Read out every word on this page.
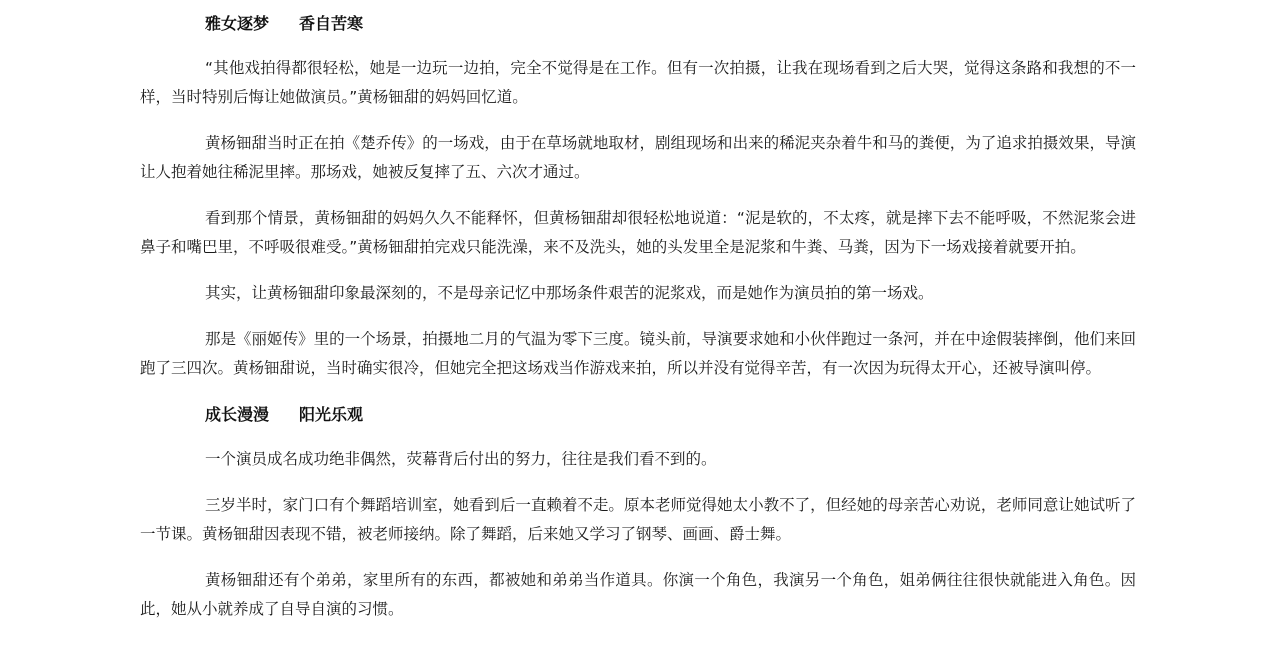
雅女逐梦 香自苦寒

“其他戏拍得都很轻松，她是一边玩一边拍，完全不觉得是在工作。但有一次拍摄，让我在现场看到之后大哭，觉得这条路和我想的不一样，当时特别后悔让她做演员。”黄杨钿甜的妈妈回忆道。

黄杨钿甜当时正在拍《楚乔传》的一场戏，由于在草场就地取材，剧组现场和出来的稀泥夹杂着牛和马的粪便，为了追求拍摄效果，导演让人抱着她往稀泥里摔。那场戏，她被反复摔了五、六次才通过。

看到那个情景，黄杨钿甜的妈妈久久不能释怀，但黄杨钿甜却很轻松地说道：“泥是软的，不太疼，就是摔下去不能呼吸，不然泥浆会进鼻子和嘴巴里，不呼吸很难受。”黄杨钿甜拍完戏只能洗澡，来不及洗头，她的头发里全是泥浆和牛粪、马粪，因为下一场戏接着就要开拍。

其实，让黄杨钿甜印象最深刻的，不是母亲记忆中那场条件艰苦的泥浆戏，而是她作为演员拍的第一场戏。

那是《丽姬传》里的一个场景，拍摄地二月的气温为零下三度。镜头前，导演要求她和小伙伴跑过一条河，并在中途假装摔倒，他们来回跑了三四次。黄杨钿甜说，当时确实很冷，但她完全把这场戏当作游戏来拍，所以并没有觉得辛苦，有一次因为玩得太开心，还被导演叫停。

成长漫漫 阳光乐观

一个演员成名成功绝非偶然，荧幕背后付出的努力，往往是我们看不到的。

三岁半时，家门口有个舞蹈培训室，她看到后一直赖着不走。原本老师觉得她太小教不了，但经她的母亲苦心劝说，老师同意让她试听了一节课。黄杨钿甜因表现不错，被老师接纳。除了舞蹈，后来她又学习了钢琴、画画、爵士舞。

黄杨钿甜还有个弟弟，家里所有的东西，都被她和弟弟当作道具。你演一个角色，我演另一个角色，姐弟俩往往很快就能进入角色。因此，她从小就养成了自导自演的习惯。
